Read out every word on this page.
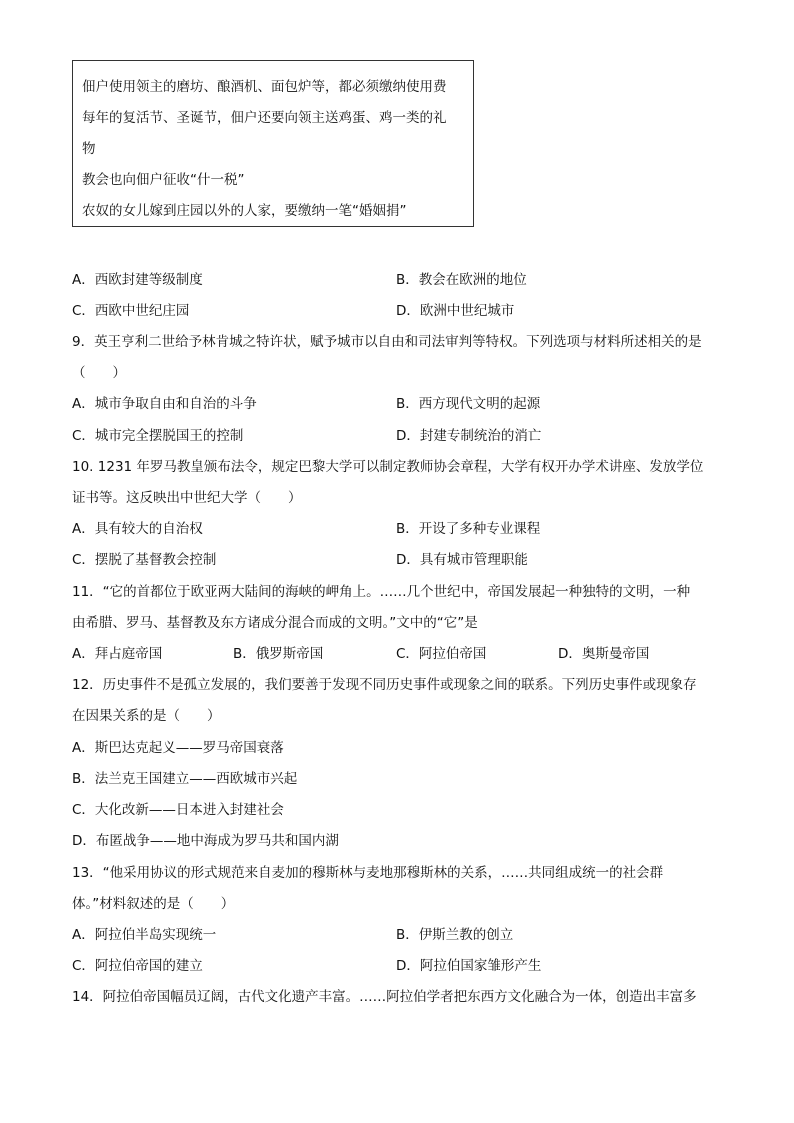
佃户使用领主的磨坊、酿酒机、面包炉等，都必须缴纳使用费
每年的复活节、圣诞节，佃户还要向领主送鸡蛋、鸡一类的礼
物
教会也向佃户征收“什一税”
农奴的女儿嫁到庄园以外的人家，要缴纳一笔“婚姻捐”
A．西欧封建等级制度	B．教会在欧洲的地位
C．西欧中世纪庄园	D．欧洲中世纪城市
9．英王亨利二世给予林肯城之特许状，赋予城市以自由和司法审判等特权。下列选项与材料所述相关的是
（　　）
A．城市争取自由和自治的斗争	B．西方现代文明的起源
C．城市完全摆脱国王的控制	D．封建专制统治的消亡
10. 1231 年罗马教皇颁布法令，规定巴黎大学可以制定教师协会章程，大学有权开办学术讲座、发放学位
证书等。这反映出中世纪大学（　　）
A．具有较大的自治权	B．开设了多种专业课程
C．摆脱了基督教会控制	D．具有城市管理职能
11．“它的首都位于欧亚两大陆间的海峡的岬角上。……几个世纪中，帝国发展起一种独特的文明，一种
由希腊、罗马、基督教及东方诸成分混合而成的文明。”文中的“它”是
A．拜占庭帝国	B．俄罗斯帝国	C．阿拉伯帝国	D．奥斯曼帝国
12．历史事件不是孤立发展的，我们要善于发现不同历史事件或现象之间的联系。下列历史事件或现象存
在因果关系的是（　　）
A．斯巴达克起义——罗马帝国衰落
B．法兰克王国建立——西欧城市兴起
C．大化改新——日本进入封建社会
D．布匿战争——地中海成为罗马共和国内湖
13．“他采用协议的形式规范来自麦加的穆斯林与麦地那穆斯林的关系，……共同组成统一的社会群
体。”材料叙述的是（　　）
A．阿拉伯半岛实现统一	B．伊斯兰教的创立
C．阿拉伯帝国的建立	D．阿拉伯国家雏形产生
14．阿拉伯帝国幅员辽阔，古代文化遗产丰富。……阿拉伯学者把东西方文化融合为一体，创造出丰富多
